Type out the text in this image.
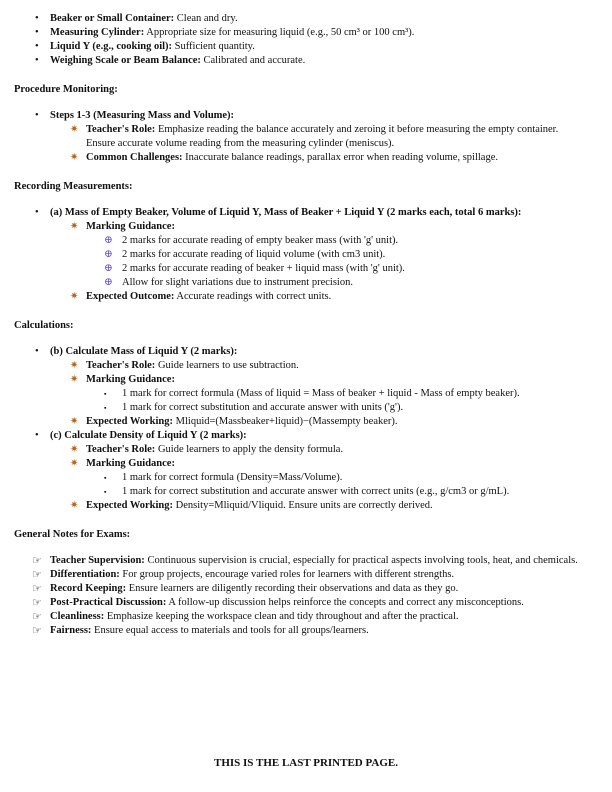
•	Beaker or Small Container: Clean and dry.
•	Measuring Cylinder: Appropriate size for measuring liquid (e.g., 50 cm³ or 100 cm³).
•	Liquid Y (e.g., cooking oil): Sufficient quantity.
•	Weighing Scale or Beam Balance: Calibrated and accurate.
Procedure Monitoring:
•	Steps 1-3 (Measuring Mass and Volume):
✷ Teacher's Role: Emphasize reading the balance accurately and zeroing it before measuring the empty container. Ensure accurate volume reading from the measuring cylinder (meniscus).
✷ Common Challenges: Inaccurate balance readings, parallax error when reading volume, spillage.
Recording Measurements:
•	(a) Mass of Empty Beaker, Volume of Liquid Y, Mass of Beaker + Liquid Y (2 marks each, total 6 marks):
✷ Marking Guidance:
⊕ 2 marks for accurate reading of empty beaker mass (with 'g' unit).
⊕ 2 marks for accurate reading of liquid volume (with cm3 unit).
⊕ 2 marks for accurate reading of beaker + liquid mass (with 'g' unit).
⊕ Allow for slight variations due to instrument precision.
✷ Expected Outcome: Accurate readings with correct units.
Calculations:
•	(b) Calculate Mass of Liquid Y (2 marks):
✷ Teacher's Role: Guide learners to use subtraction.
✷ Marking Guidance:
▪	1 mark for correct formula (Mass of liquid = Mass of beaker + liquid - Mass of empty beaker).
▪	1 mark for correct substitution and accurate answer with units ('g').
✷ Expected Working: Mliquid=(Massbeaker+liquid)−(Massempty beaker).
•	(c) Calculate Density of Liquid Y (2 marks):
✷ Teacher's Role: Guide learners to apply the density formula.
✷ Marking Guidance:
▪	1 mark for correct formula (Density=Mass/Volume).
▪	1 mark for correct substitution and accurate answer with correct units (e.g., g/cm3 or g/mL).
✷ Expected Working: Density=Mliquid/Vliquid. Ensure units are correctly derived.
General Notes for Exams:
☞ Teacher Supervision: Continuous supervision is crucial, especially for practical aspects involving tools, heat, and chemicals.
☞ Differentiation: For group projects, encourage varied roles for learners with different strengths.
☞ Record Keeping: Ensure learners are diligently recording their observations and data as they go.
☞ Post-Practical Discussion: A follow-up discussion helps reinforce the concepts and correct any misconceptions.
☞ Cleanliness: Emphasize keeping the workspace clean and tidy throughout and after the practical.
☞ Fairness: Ensure equal access to materials and tools for all groups/learners.
THIS IS THE LAST PRINTED PAGE.
